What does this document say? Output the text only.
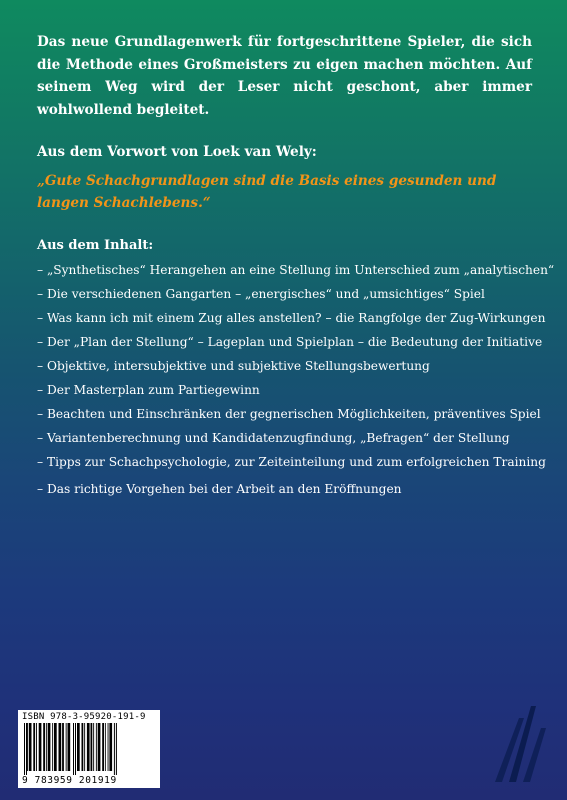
Das neue Grundlagenwerk für fortgeschrittene Spieler, die sich die Methode eines Großmeisters zu eigen machen möchten. Auf seinem Weg wird der Leser nicht geschont, aber immer wohlwollend begleitet.
Aus dem Vorwort von Loek van Wely:
„Gute Schachgrundlagen sind die Basis eines gesunden und langen Schachlebens.“
Aus dem Inhalt:
– „Synthetisches“ Herangehen an eine Stellung im Unterschied zum „analytischen“
– Die verschiedenen Gangarten – „energisches“ und „umsichtiges“ Spiel
– Was kann ich mit einem Zug alles anstellen? – die Rangfolge der Zug-Wirkungen
– Der „Plan der Stellung“ – Lageplan und Spielplan – die Bedeutung der Initiative
– Objektive, intersubjektive und subjektive Stellungsbewertung
– Der Masterplan zum Partiegewinn
– Beachten und Einschränken der gegnerischen Möglichkeiten, präventives Spiel
– Variantenberechnung und Kandidatenzugfindung, „Befragen“ der Stellung
– Tipps zur Schachpsychologie, zur Zeiteinteilung und zum erfolgreichen Training
– Das richtige Vorgehen bei der Arbeit an den Eröffnungen
ISBN 978-3-95920-191-9
9 783959 201919
